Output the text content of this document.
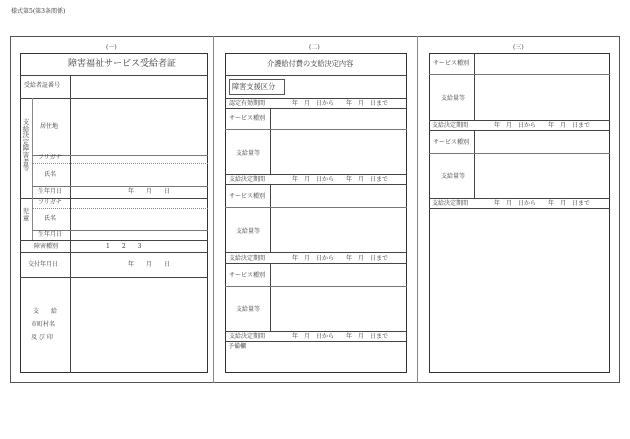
様式第5(第3条関係)
(一)
障害福祉サービス受給者証
受給者証番号
支給決定障害者等
居住地
フリガナ
氏名
生年月日	年　　月　　日
児童
フリガナ
氏名
生年月日
障害種別	1　　2　　3
交付年月日	年　　月　　日
支　　給
市町村名
及 び 印
(二)
介護給付費の支給決定内容
障害支援区分
認定有効期間	年　月　日から　　年　月　日まで
サービス種別
支給量等
支給決定期間	年　月　日から　　年　月　日まで
サービス種別
支給量等
支給決定期間	年　月　日から　　年　月　日まで
サービス種別
支給量等
支給決定期間	年　月　日から　　年　月　日まで
予備欄
(三)
サービス種別
支給量等
支給決定期間	年　月　日から　　年　月　日まで
サービス種別
支給量等
支給決定期間	年　月　日から　　年　月　日まで
